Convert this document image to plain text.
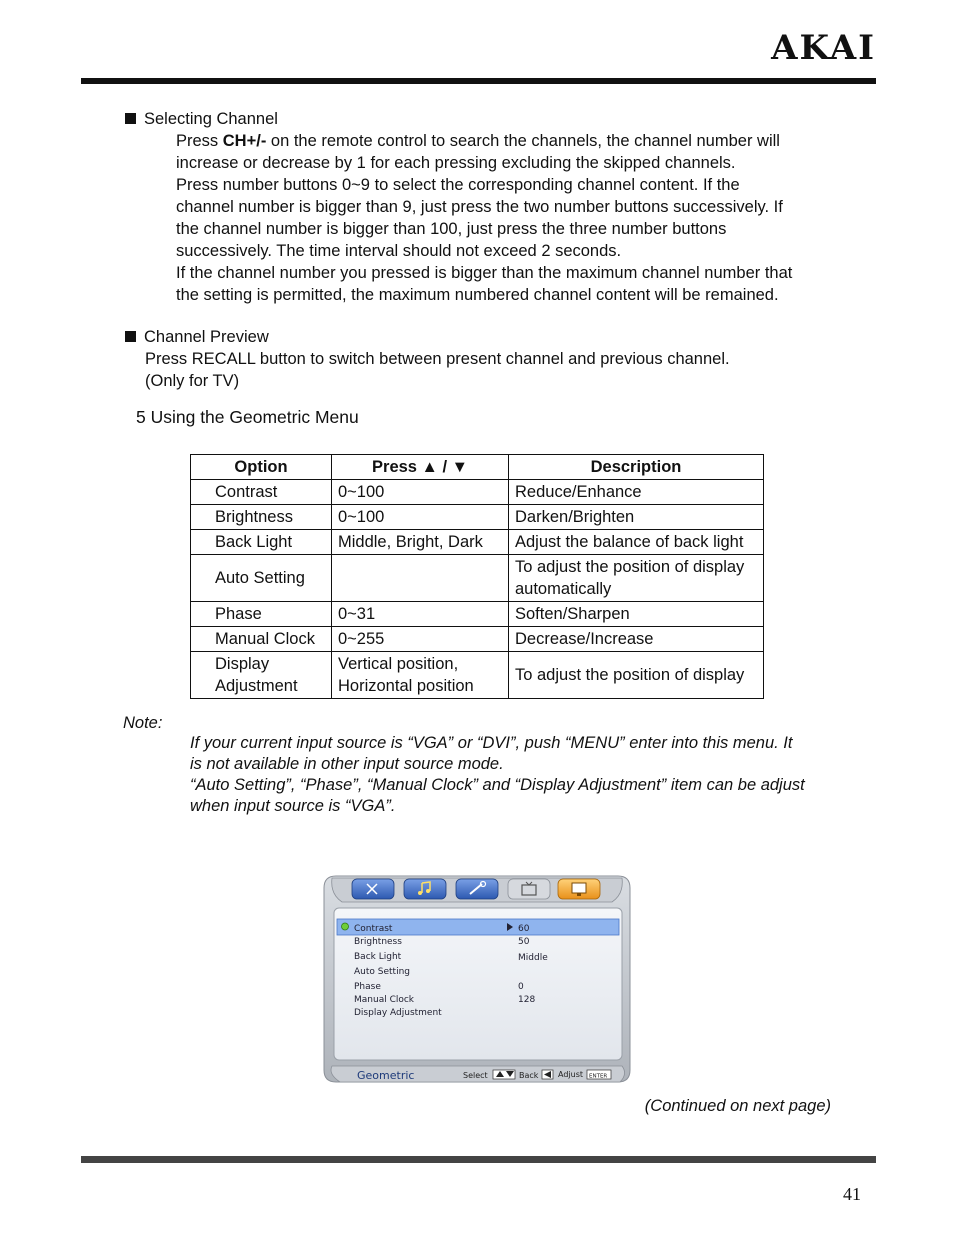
AKAI
Selecting Channel
Press CH+/- on the remote control to search the channels, the channel number will
increase or decrease by 1 for each pressing excluding the skipped channels.
Press number buttons 0~9 to select the corresponding channel content. If the
channel number is bigger than 9, just press the two number buttons successively. If
the channel number is bigger than 100, just press the three number buttons
successively. The time interval should not exceed 2 seconds.
If the channel number you pressed is bigger than the maximum channel number that
the setting is permitted, the maximum numbered channel content will be remained.
Channel Preview
Press RECALL button to switch between present channel and previous channel.
(Only for TV)
5 Using the Geometric Menu
Option	Press ▲ / ▼	Description
Contrast	0~100	Reduce/Enhance
Brightness	0~100	Darken/Brighten
Back Light	Middle, Bright, Dark	Adjust the balance of back light
Auto Setting		To adjust the position of display automatically
Phase	0~31	Soften/Sharpen
Manual Clock	0~255	Decrease/Increase
Display Adjustment	Vertical position, Horizontal position	To adjust the position of display
Note:
If your current input source is “VGA” or “DVI”, push “MENU” enter into this menu. It
is not available in other input source mode.
“Auto Setting”, “Phase”, “Manual Clock” and “Display Adjustment” item can be adjust
when input source is “VGA”.
Contrast	60
Brightness	50
Back Light	Middle
Auto Setting
Phase	0
Manual Clock	128
Display Adjustment
Geometric	Select	Back Adjust ENTER
(Continued on next page)
41
